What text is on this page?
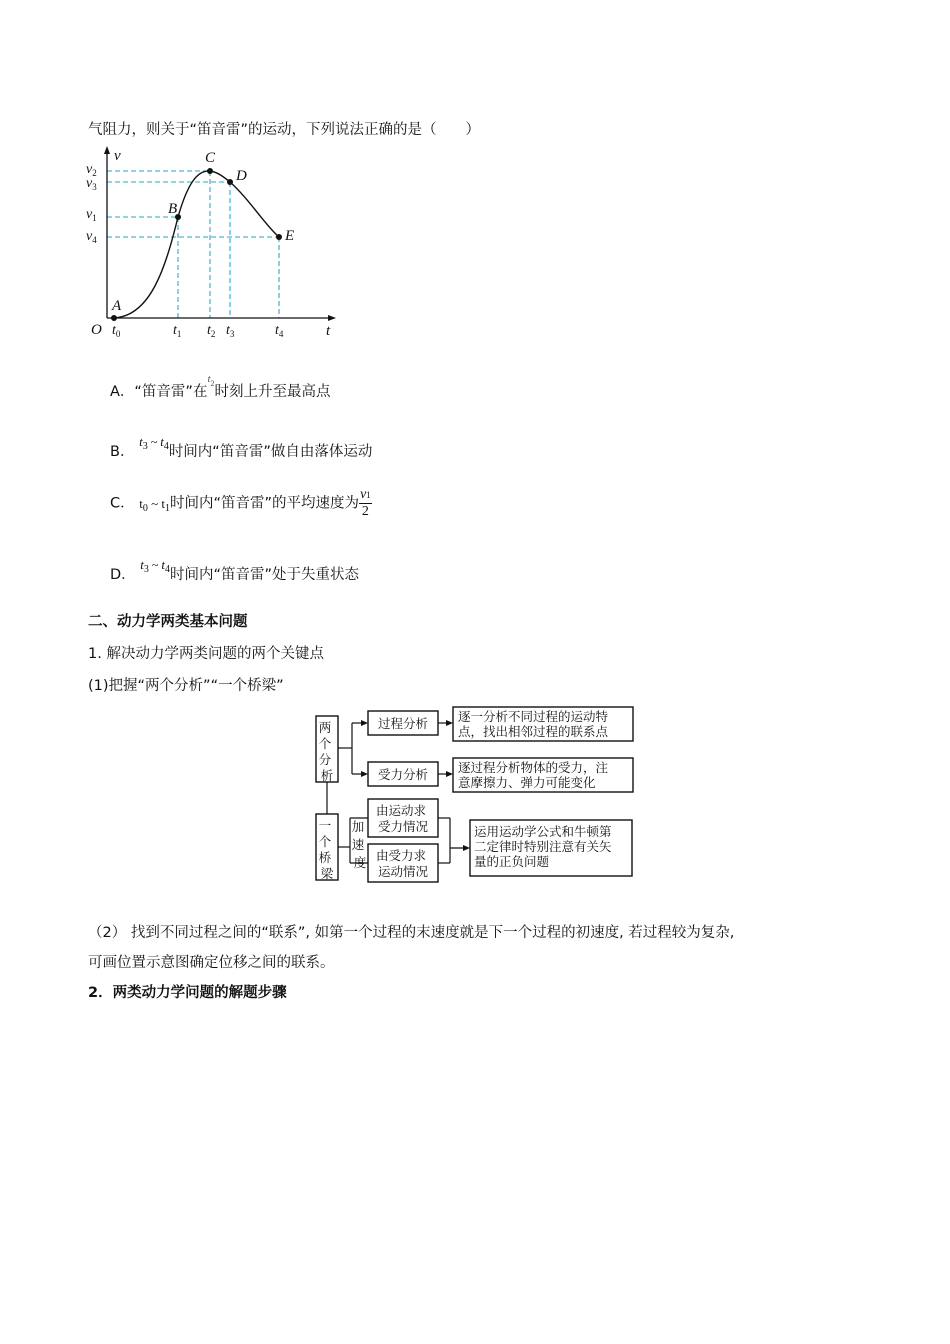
气阻力，则关于“笛音雷”的运动，下列说法正确的是（　　）
v
t
O
A
B
C
D
E
$v_2$
$v_3$
$v_1$
$v_4$
$t_0$	$t_1$ $t_2$ $t_3$	$t_4$
A．“笛音雷”在$^{t2}$时刻上升至最高点
B． $t_3$ ~ $t_4$时间内“笛音雷”做自由落体运动
C． $t_0$ ~ $t_1$时间内“笛音雷”的平均速度为 $\frac{v1}{2}$
D． $t_3$ ~ $t_4$时间内“笛音雷”处于失重状态
二、动力学两类基本问题
1. 解决动力学两类问题的两个关键点
(1)把握“两个分析”“一个桥梁”
两 个 分 析
过程分析 逐一分析不同过程的运动特 点，找出相邻过程的联系点
受力分析 逐过程分析物体的受力，注 意摩擦力、弹力可能变化
一 个 桥 梁
加 速 度
由运动求 受力情况
由受力求 运动情况
运用运动学公式和牛顿第 二定律时特别注意有关矢 量的正负问题
（2） 找到不同过程之间的“联系”, 如第一个过程的末速度就是下一个过程的初速度, 若过程较为复杂,
可画位置示意图确定位移之间的联系。
2．两类动力学问题的解题步骤
